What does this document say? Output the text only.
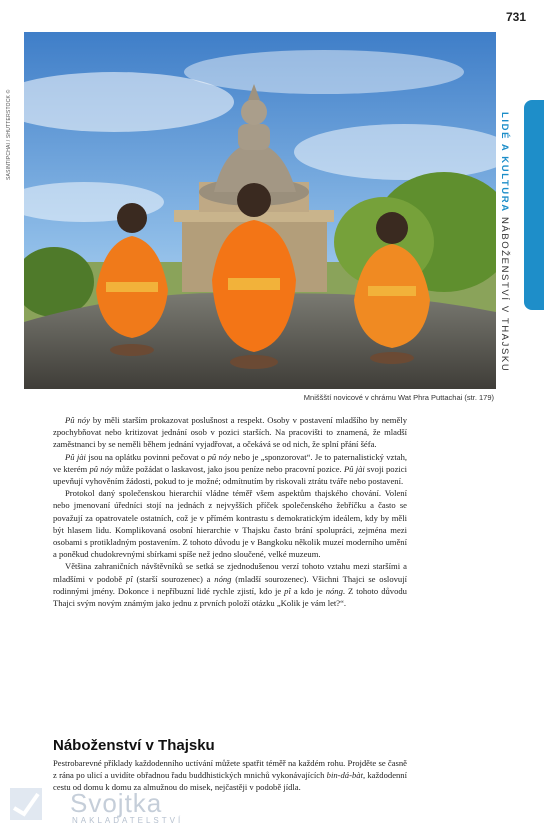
731
SASINTIPCHAI / SHUTTERSTOCK ©
Mniššští novicové v chrámu Wat Phra Puttachai (str. 179)
LIDÉ A KULTURA NÁBOŽENSTVÍ V THAJSKU

Pû nóy by měli starším prokazovat poslušnost a respekt. Osoby v postavení mladšího by neměly zpochybňovat nebo kritizovat jednání osob v pozici starších. Na pracovišti to znamená, že mladší zaměstnanci by se neměli během jednání vyjadřovat, a očekává se od nich, že splní přání šéfa.

Pû jài jsou na oplátku povinni pečovat o pû nóy nebo je „sponzorovat“. Je to paternalistický vztah, ve kterém pû nóy může požádat o laskavost, jako jsou peníze nebo pracovní pozice. Pû jài svoji pozici upevňují vyhověním žádosti, pokud to je možné; odmítnutím by riskovali ztrátu tváře nebo postavení.

Protokol daný společenskou hierarchií vládne téměř všem aspektům thajského chování. Volení nebo jmenovaní úředníci stojí na jednách z nejvyšších příček společenského žebříčku a často se považují za opatrovatele ostatních, což je v přímém kontrastu s demokratickým ideálem, kdy by měli být hlasem lidu. Komplikovaná osobní hierarchie v Thajsku často brání spolupráci, zejména mezi osobami s protikladným postavením. Z tohoto důvodu je v Bangkoku několik muzeí moderního umění a poněkud chudokrevnými sbírkami spíše než jedno sloučené, velké muzeum.

Většina zahraničních návštěvníků se setká se zjednodušenou verzí tohoto vztahu mezi staršími a mladšími v podobě pî (starší sourozenec) a nóng (mladší sourozenec). Všichni Thajci se oslovují rodinnými jmény. Dokonce i nepříbuzní lidé rychle zjistí, kdo je pî a kdo je nóng. Z tohoto důvodu Thajci svým novým známým jako jednu z prvních položí otázku „Kolik je vám let?“.

Náboženství v Thajsku

Pestrobarevné příklady každodenního uctívání můžete spatřit téměř na každém rohu. Projděte se časně z rána po ulicí a uvidíte obřadnou řadu buddhistických mnichů vykonávajících bin-dá-bàt, každodenní cestu od domu k domu za almužnou do misek, nejčastěji v podobě jídla.

Svojtka
NAKLADATELSTVÍ
